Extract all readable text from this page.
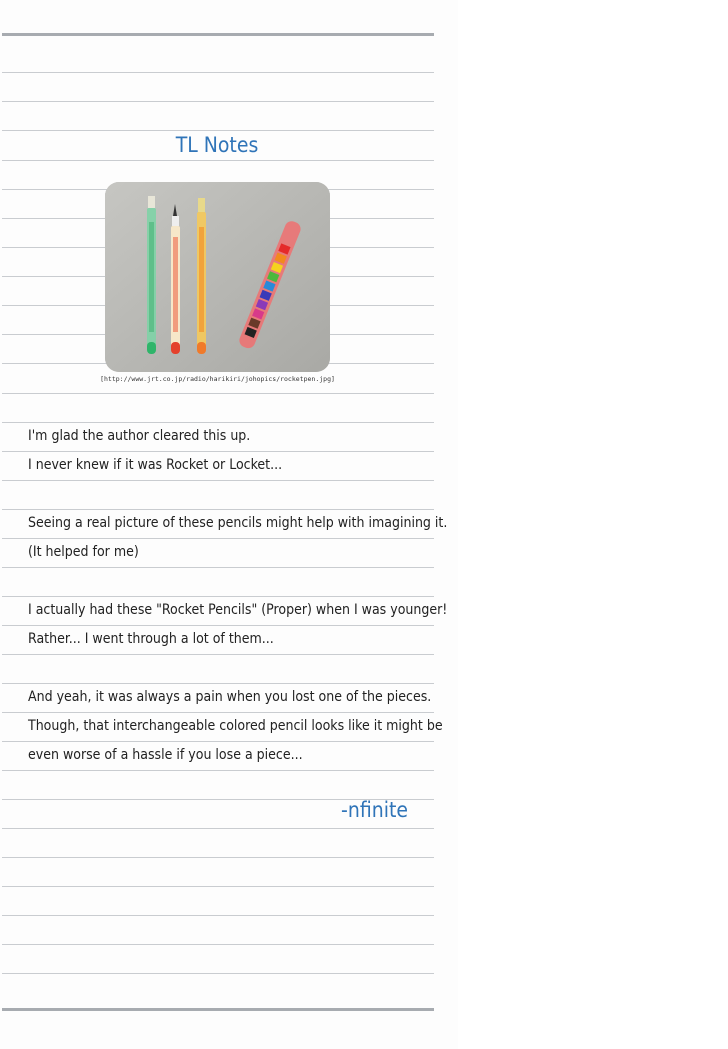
TL Notes
[http://www.jrt.co.jp/radio/harikiri/johopics/rocketpen.jpg]
I'm glad the author cleared this up.
I never knew if it was Rocket or Locket...
Seeing a real picture of these pencils might help with imagining it.
(It helped for me)
I actually had these "Rocket Pencils" (Proper) when I was younger!
Rather... I went through a lot of them...
And yeah, it was always a pain when you lost one of the pieces.
Though, that interchangeable colored pencil looks like it might be
even worse of a hassle if you lose a piece...
-nfinite
